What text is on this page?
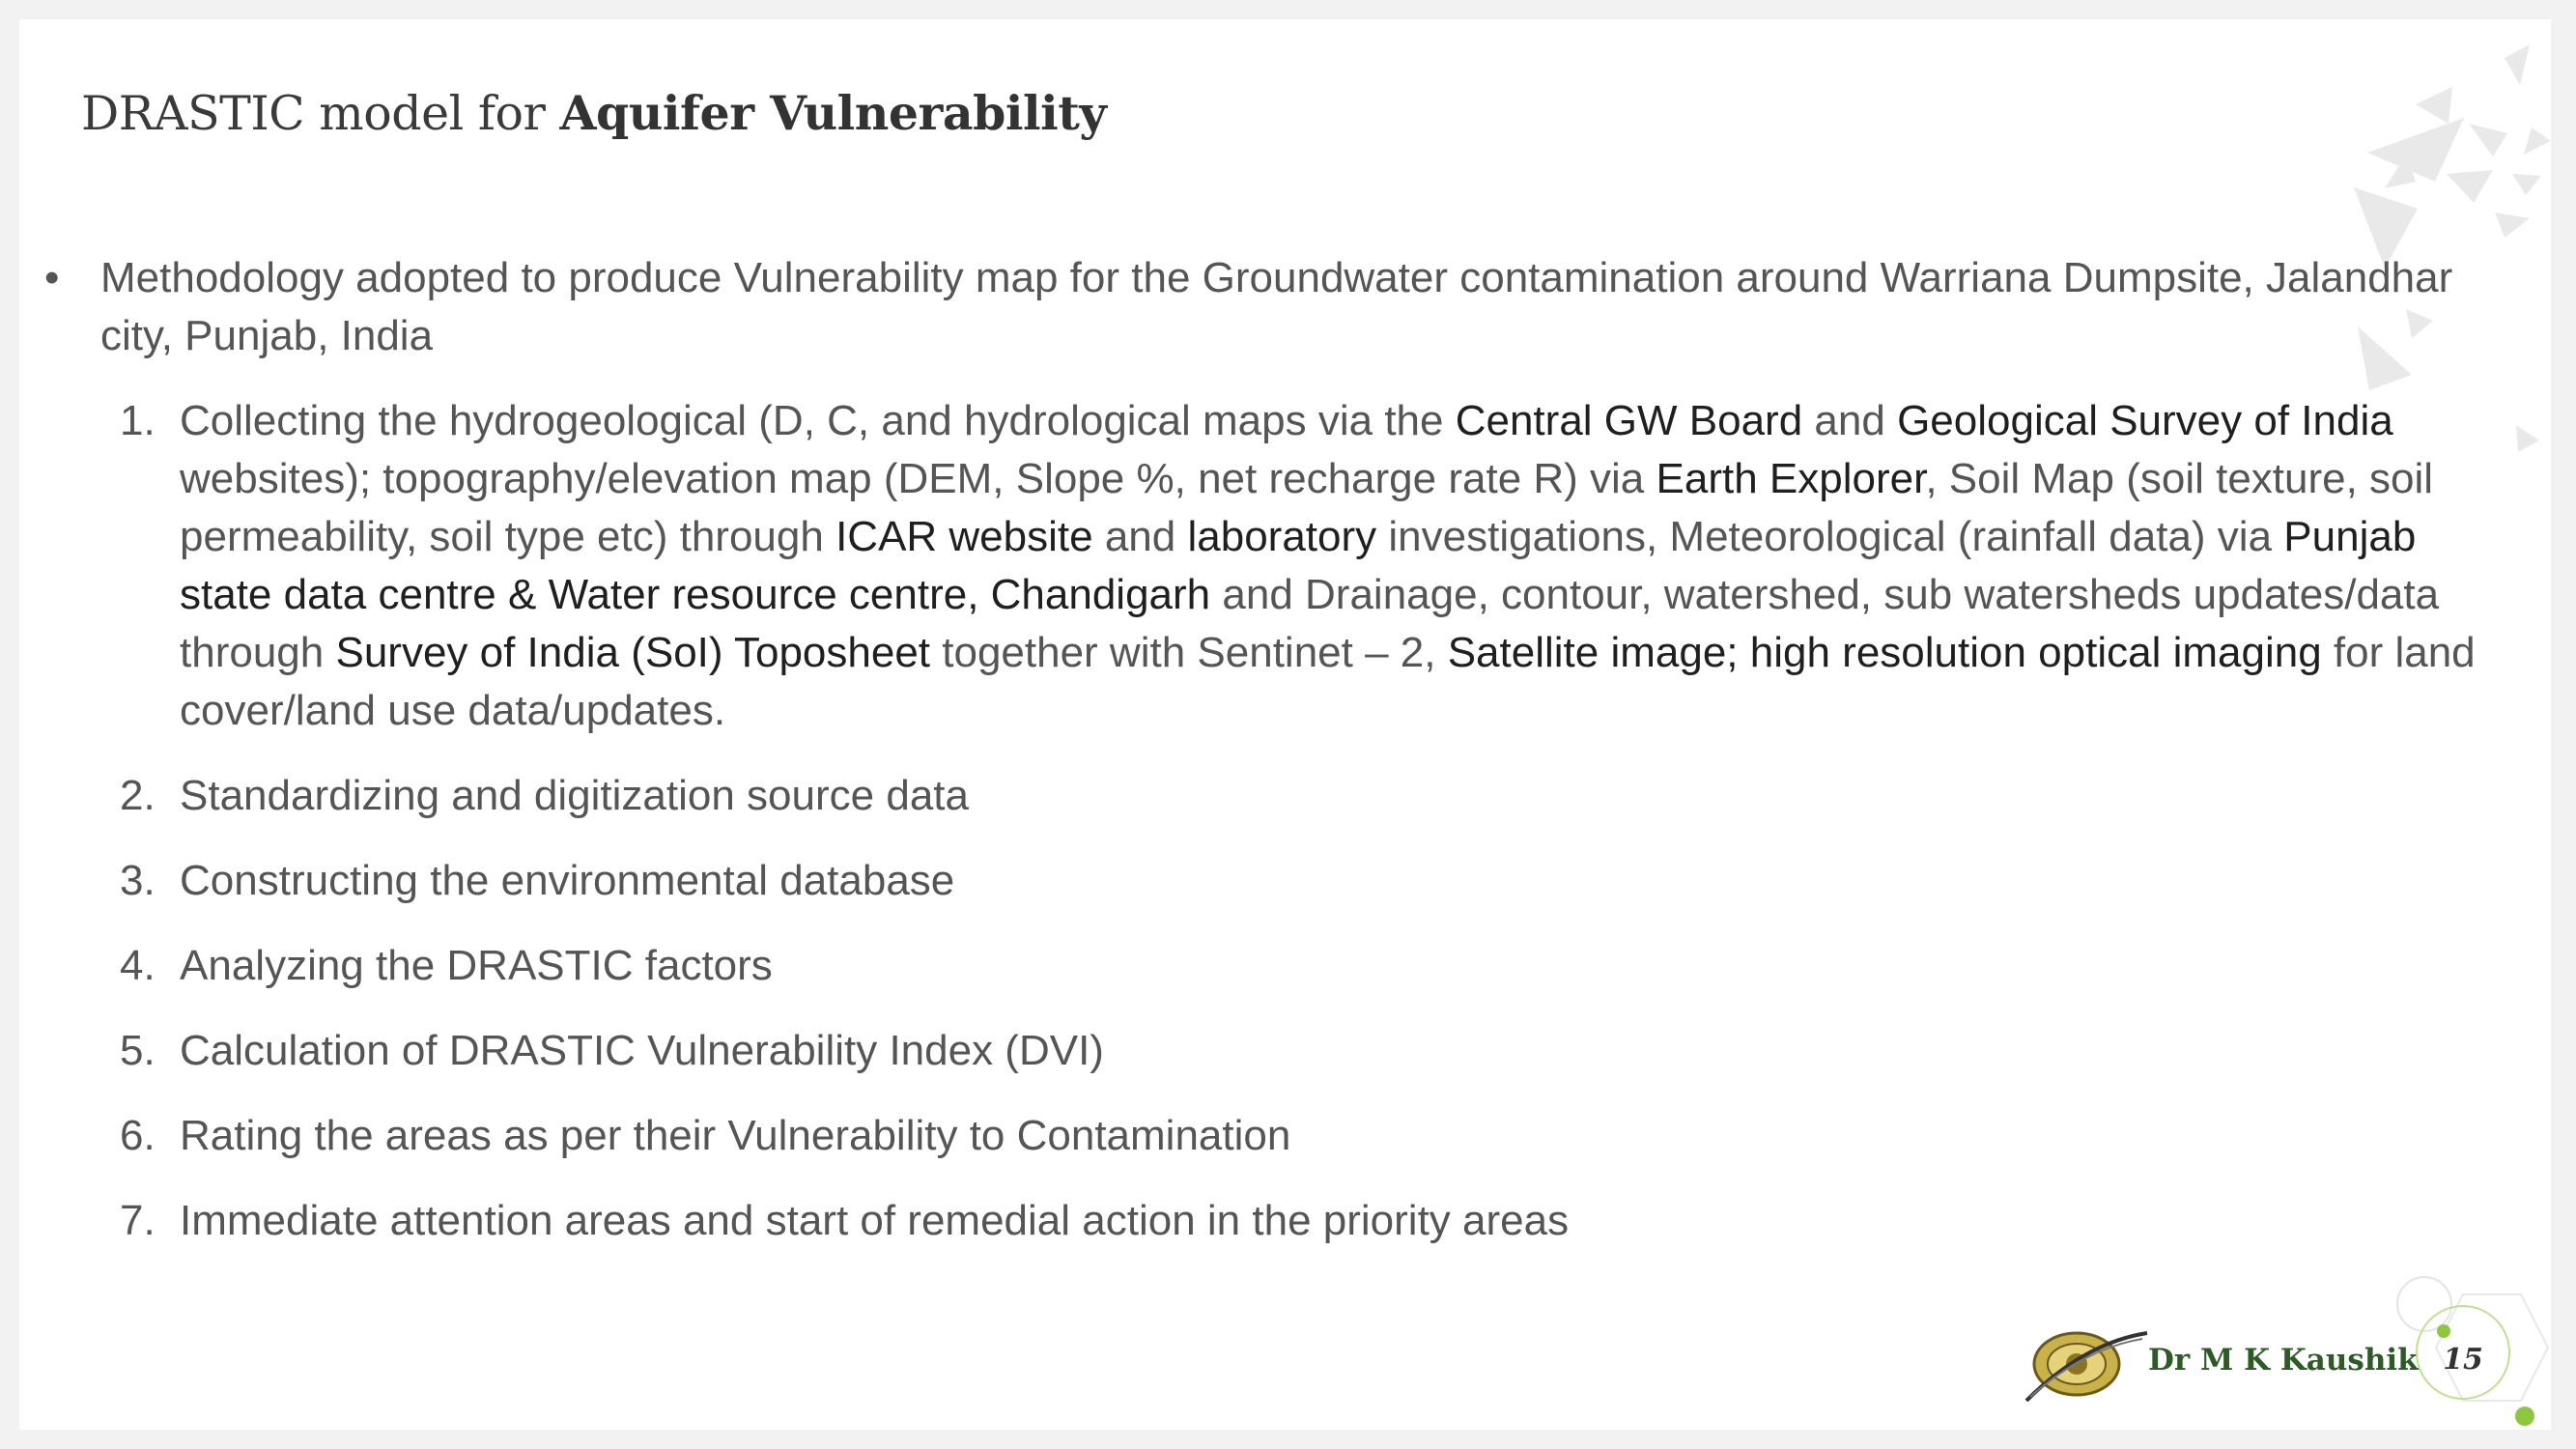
DRASTIC model for Aquifer Vulnerability
• Methodology adopted to produce Vulnerability map for the Groundwater contamination around Warriana Dumpsite, Jalandhar city, Punjab, India
1. Collecting the hydrogeological (D, C, and hydrological maps via the Central GW Board and Geological Survey of India websites); topography/elevation map (DEM, Slope %, net recharge rate R) via Earth Explorer, Soil Map (soil texture, soil permeability, soil type etc) through ICAR website and laboratory investigations, Meteorological (rainfall data) via Punjab state data centre & Water resource centre, Chandigarh and Drainage, contour, watershed, sub watersheds updates/data through Survey of India (SoI) Toposheet together with Sentinet – 2, Satellite image; high resolution optical imaging for land cover/land use data/updates.
2. Standardizing and digitization source data
3. Constructing the environmental database
4. Analyzing the DRASTIC factors
5. Calculation of DRASTIC Vulnerability Index (DVI)
6. Rating the areas as per their Vulnerability to Contamination
7. Immediate attention areas and start of remedial action in the priority areas
Dr M K Kaushik 15
